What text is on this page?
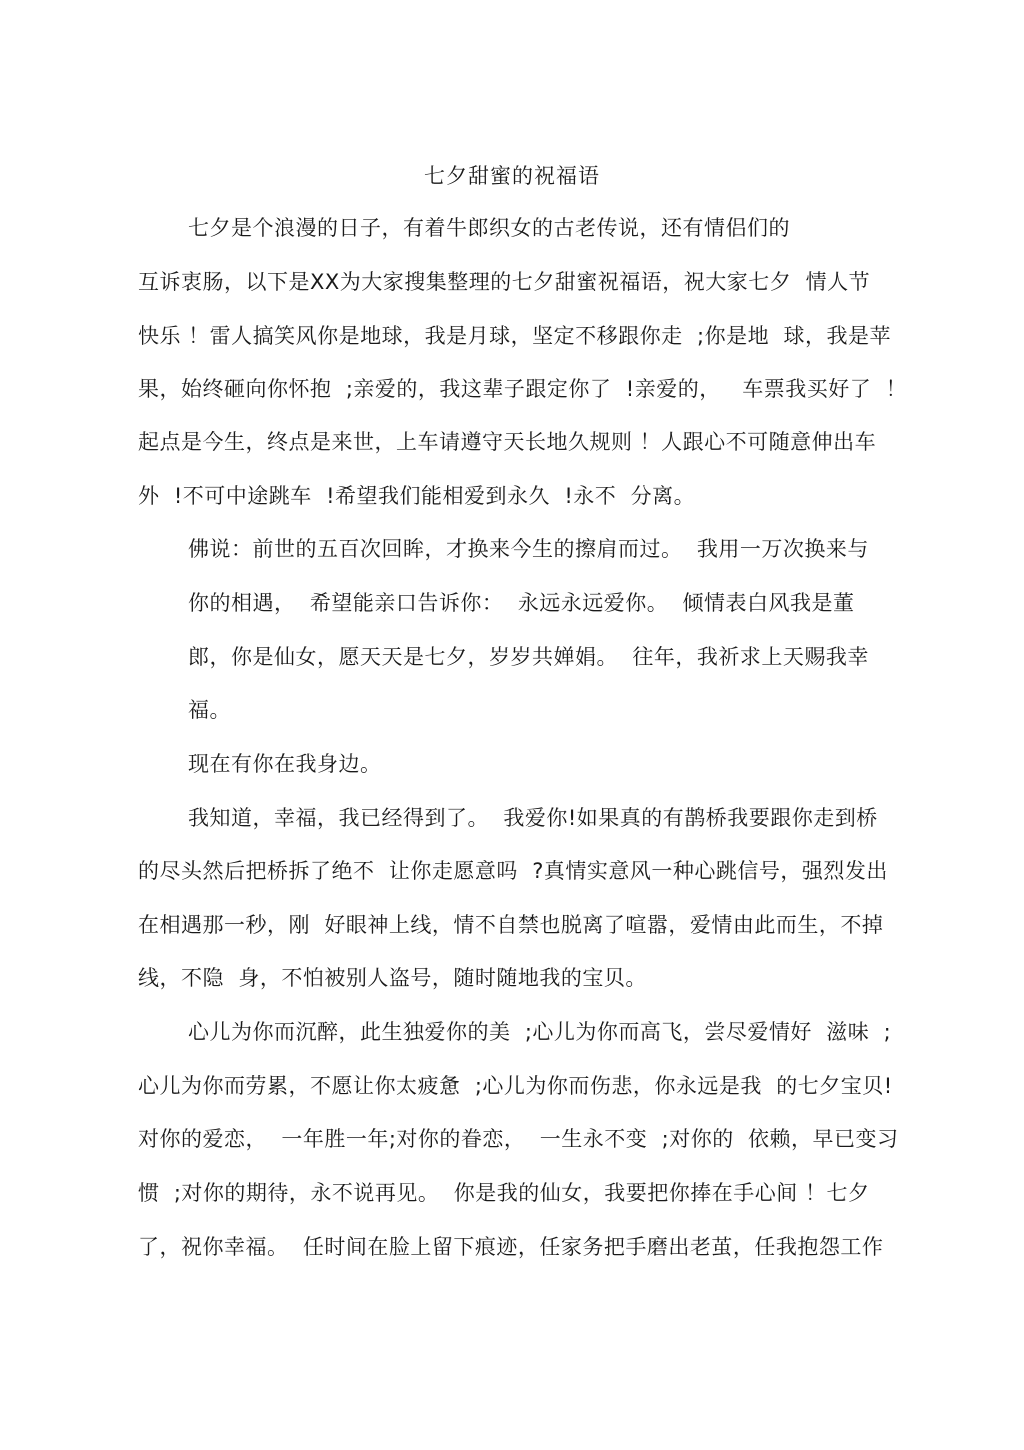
七夕甜蜜的祝福语
七夕是个浪漫的日子，有着牛郎织女的古老传说，还有情侣们的
互诉衷肠，以下是XX为大家搜集整理的七夕甜蜜祝福语，祝大家七夕  情人节
快乐 ！雷人搞笑风你是地球，我是月球，坚定不移跟你走  ;你是地  球，我是苹
果，始终砸向你怀抱  ;亲爱的，我这辈子跟定你了  !亲爱的，   车票我买好了  ！
起点是今生，终点是来世，上车请遵守天长地久规则 ！人跟心不可随意伸出车
外  !不可中途跳车  !希望我们能相爱到永久  !永不  分离。
佛说：前世的五百次回眸，才换来今生的擦肩而过。  我用一万次换来与
你的相遇，  希望能亲口告诉你：  永远永远爱你。  倾情表白风我是董
郎，你是仙女，愿天天是七夕，岁岁共婵娟。  往年，我祈求上天赐我幸
福。
现在有你在我身边。
我知道，幸福，我已经得到了。  我爱你!如果真的有鹊桥我要跟你走到桥
的尽头然后把桥拆了绝不  让你走愿意吗  ?真情实意风一种心跳信号，强烈发出
在相遇那一秒，刚  好眼神上线，情不自禁也脱离了喧嚣，爱情由此而生，不掉
线，不隐  身，不怕被别人盗号，随时随地我的宝贝。
心儿为你而沉醉，此生独爱你的美  ;心儿为你而高飞，尝尽爱情好  滋味  ;
心儿为你而劳累，不愿让你太疲惫  ;心儿为你而伤悲，你永远是我  的七夕宝贝!
对你的爱恋，  一年胜一年;对你的眷恋，  一生永不变  ;对你的  依赖，早已变习
惯  ;对你的期待，永不说再见。  你是我的仙女，我要把你捧在手心间 ！七夕
了，祝你幸福。  任时间在脸上留下痕迹，任家务把手磨出老茧，任我抱怨工作
